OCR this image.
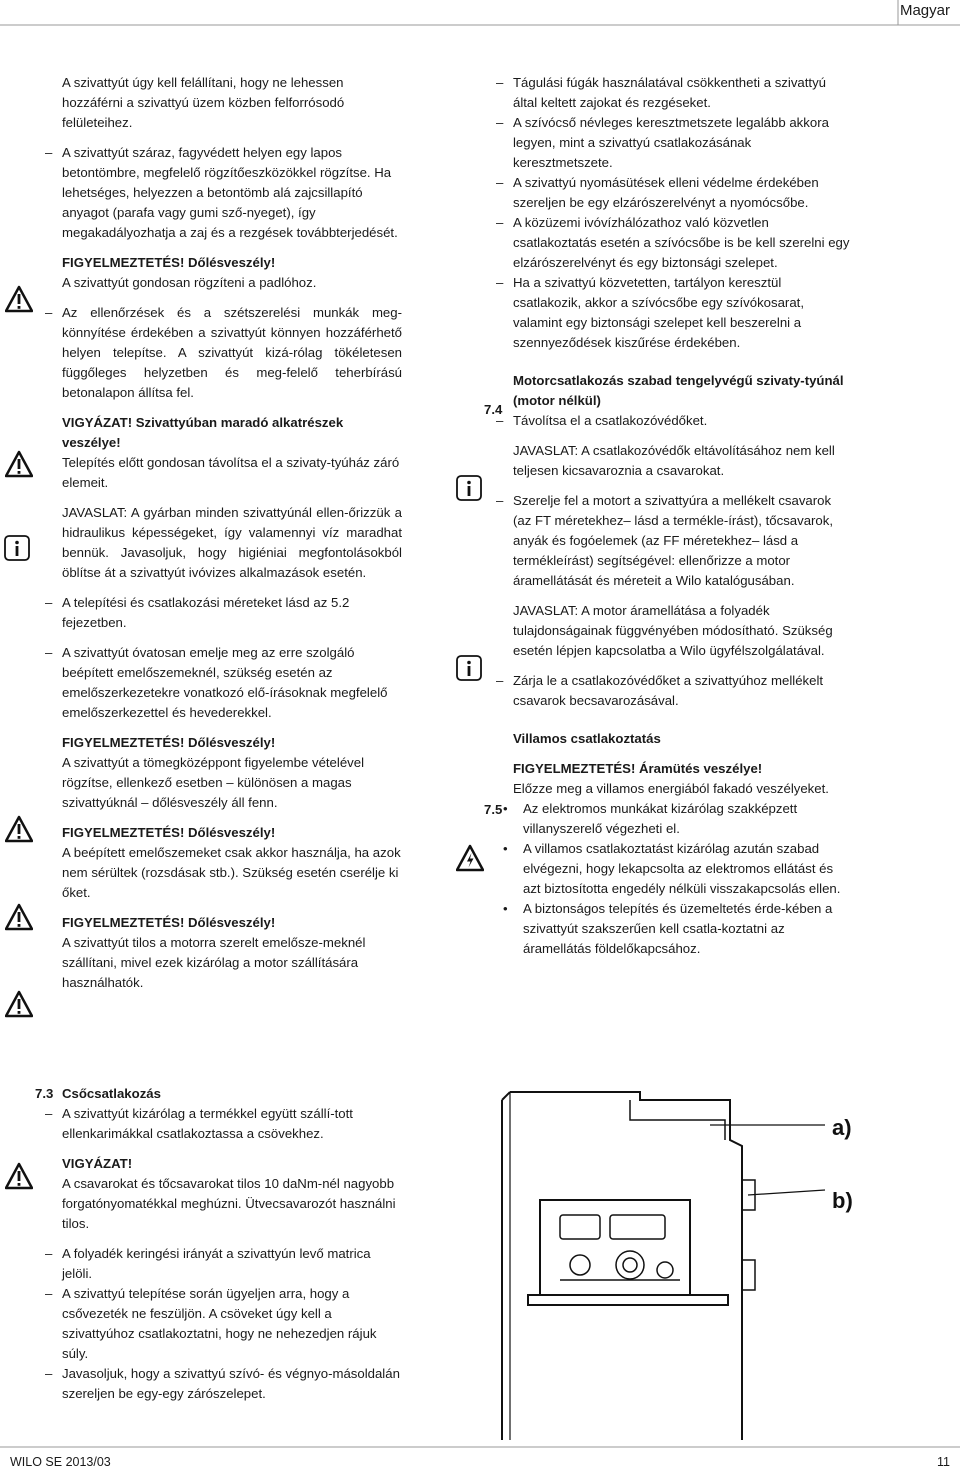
Magyar

A szivattyút úgy kell felállítani, hogy ne lehessen hozzáférni a szivattyú üzem közben felforrósodó felületeihez.

– A szivattyút száraz, fagyvédett helyen egy lapos betontömbre, megfelelő rögzítőeszközökkel rögzítse. Ha lehetséges, helyezzen a betontömb alá zajcsillapító anyagot (parafa vagy gumi sző-nyeget), így megakadályozhatja a zaj és a rezgések továbbterjedését.

FIGYELMEZTETÉS! Dőlésveszély!

A szivattyút gondosan rögzíteni a padlóhoz.

– Az ellenőrzések és a szétszerelési munkák meg-könnyítése érdekében a szivattyút könnyen hozzáférhető helyen telepítse. A szivattyút kizá-rólag tökéletesen függőleges helyzetben és meg-felelő teherbírású betonalapon állítsa fel.

VIGYÁZAT! Szivattyúban maradó alkatrészek veszélye!

Telepítés előtt gondosan távolítsa el a szivaty-tyúház záró elemeit.

JAVASLAT: A gyárban minden szivattyúnál ellen-őrizzük a hidraulikus képességeket, így valamennyi víz maradhat bennük. Javasoljuk, hogy higiéniai megfontolásokból öblítse át a szivattyút ivóvizes alkalmazások esetén.

– A telepítési és csatlakozási méreteket lásd az 5.2 fejezetben.

– A szivattyút óvatosan emelje meg az erre szolgáló beépített emelőszemeknél, szükség esetén az emelőszerkezetekre vonatkozó elő-írásoknak megfelelő emelőszerkezettel és hevederekkel.

FIGYELMEZTETÉS! Dőlésveszély!

A szivattyút a tömegközéppont figyelembe vételével rögzítse, ellenkező esetben – különösen a magas szivattyúknál – dőlésveszély áll fenn.

FIGYELMEZTETÉS! Dőlésveszély!

A beépített emelőszemeket csak akkor használja, ha azok nem sérültek (rozsdásak stb.). Szükség esetén cserélje ki őket.

FIGYELMEZTETÉS! Dőlésveszély!

A szivattyút tilos a motorra szerelt emelősze-meknél szállítani, mivel ezek kizárólag a motor szállítására használhatók.

7.3 Csőcsatlakozás

– A szivattyút kizárólag a termékkel együtt szállí-tott ellenkarimákkal csatlakoztassa a csövekhez.

VIGYÁZAT!

A csavarokat és tőcsavarokat tilos 10 daNm-nél nagyobb forgatónyomatékkal meghúzni. Ütvecsavarozót használni tilos.

– A folyadék keringési irányát a szivattyún levő matrica jelöli.

– A szivattyú telepítése során ügyeljen arra, hogy a csővezeték ne feszüljön. A csöveket úgy kell a szivattyúhoz csatlakoztatni, hogy ne nehezedjen rájuk súly.

– Javasoljuk, hogy a szivattyú szívó- és végnyo-másoldalán szereljen be egy-egy zárószelepet.

– Tágulási fúgák használatával csökkentheti a szivattyú által keltett zajokat és rezgéseket.

– A szívócső névleges keresztmetszete legalább akkora legyen, mint a szivattyú csatlakozásának keresztmetszete.

– A szivattyú nyomásütések elleni védelme érdekében szereljen be egy elzárószerelvényt a nyomócsőbe.

– A közüzemi ivóvízhálózathoz való közvetlen csatlakoztatás esetén a szívócsőbe is be kell szerelni egy elzárószerelvényt és egy biztonsági szelepet.

– Ha a szivattyú közvetetten, tartályon keresztül csatlakozik, akkor a szívócsőbe egy szívókosarat, valamint egy biztonsági szelepet kell beszerelni a szennyeződések kiszűrése érdekében.

Motorcsatlakozás szabad tengelyvégű szivaty-tyúnál (motor nélkül)

– Távolítsa el a csatlakozóvédőket.

JAVASLAT: A csatlakozóvédők eltávolításához nem kell teljesen kicsavaroznia a csavarokat.

– Szerelje fel a motort a szivattyúra a mellékelt csavarok (az FT méretekhez– lásd a termékle-írást), tőcsavarok, anyák és fogóelemek (az FF méretekhez– lásd a termékleírást) segítségével: ellenőrizze a motor áramellátását és méreteit a Wilo katalógusában.

JAVASLAT: A motor áramellátása a folyadék tulajdonságainak függvényében módosítható. Szükség esetén lépjen kapcsolatba a Wilo ügyfélszolgálatával.

– Zárja le a csatlakozóvédőket a szivattyúhoz mellékelt csavarok becsavarozásával.

Villamos csatlakoztatás

FIGYELMEZTETÉS! Áramütés veszélye!

Előzze meg a villamos energiából fakadó veszélyeket.

• Az elektromos munkákat kizárólag szakképzett villanyszerelő végezheti el.

• A villamos csatlakoztatást kizárólag azután szabad elvégezni, hogy lekapcsolta az elektromos ellátást és azt biztosította engedély nélküli visszakapcsolás ellen.

• A biztonságos telepítés és üzemeltetés érde-kében a szivattyút szakszerűen kell csatla-koztatni az áramellátás földelőkapcsához.

7.4
7.5
a)
b)
WILO SE 2013/03	11
